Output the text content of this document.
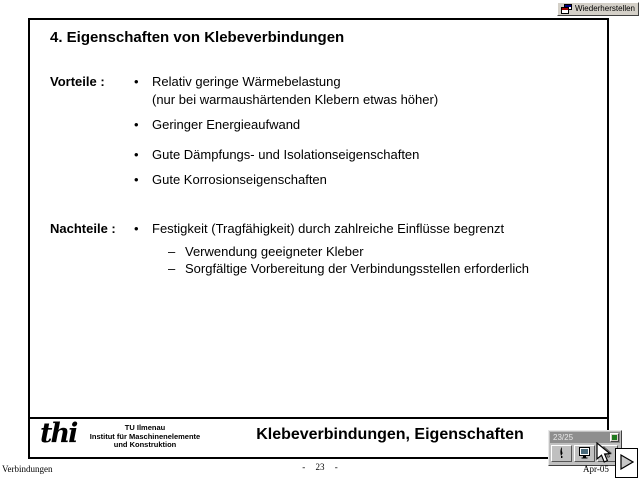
Wiederherstellen
4. Eigenschaften von Klebeverbindungen
Vorteile : • Relativ geringe Wärmebelastung
(nur bei warmaushärtenden Klebern etwas höher)
• Geringer Energieaufwand
• Gute Dämpfungs- und Isolationseigenschaften
• Gute Korrosionseigenschaften
Nachteile : • Festigkeit (Tragfähigkeit) durch zahlreiche Einflüsse begrenzt
– Verwendung geeigneter Kleber
– Sorgfältige Vorbereitung der Verbindungsstellen erforderlich
thi	TU Ilmenau
Institut für Maschinenelemente
und Konstruktion
Klebeverbindungen, Eigenschaften	23/25
Verbindungen	- 23 -	Apr-05
